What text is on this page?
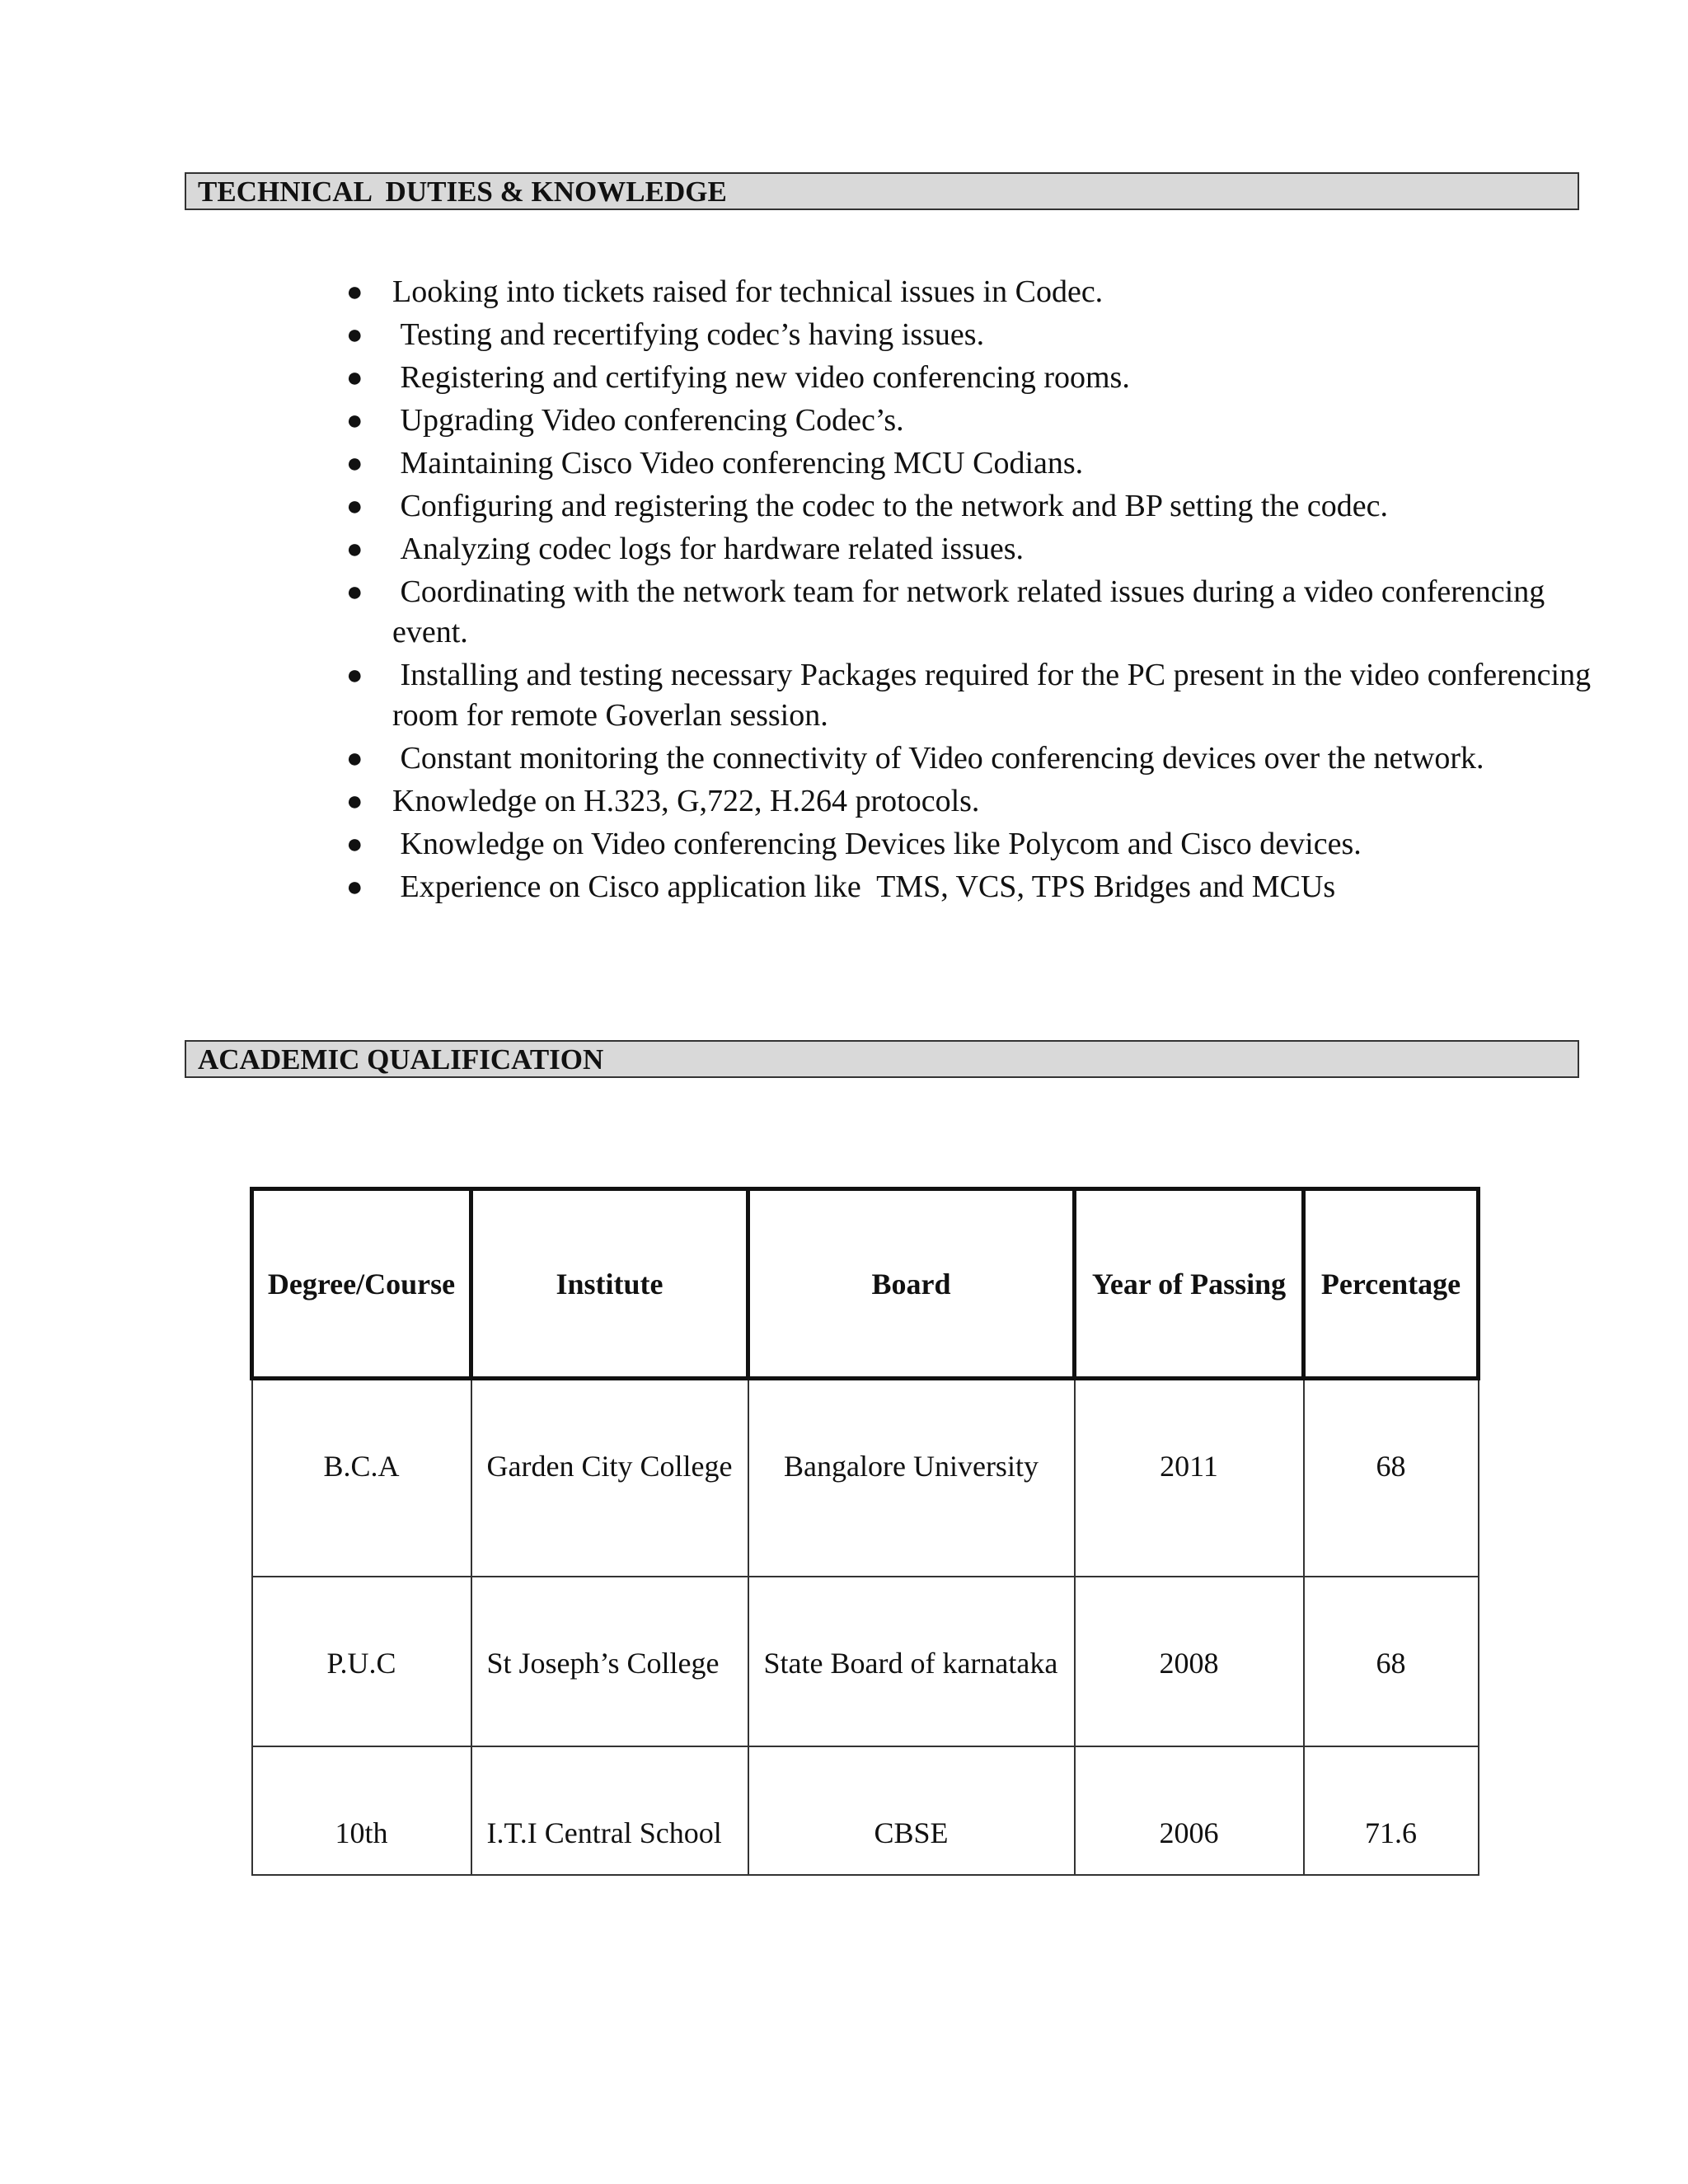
TECHNICAL  DUTIES & KNOWLEDGE
● Looking into tickets raised for technical issues in Codec.
● Testing and recertifying codec’s having issues.
● Registering and certifying new video conferencing rooms.
● Upgrading Video conferencing Codec’s.
● Maintaining Cisco Video conferencing MCU Codians.
● Configuring and registering the codec to the network and BP setting the codec.
● Analyzing codec logs for hardware related issues.
● Coordinating with the network team for network related issues during a video conferencing event.
● Installing and testing necessary Packages required for the PC present in the video conferencing room for remote Goverlan session.
● Constant monitoring the connectivity of Video conferencing devices over the network.
● Knowledge on H.323, G,722, H.264 protocols.
● Knowledge on Video conferencing Devices like Polycom and Cisco devices.
● Experience on Cisco application like  TMS, VCS, TPS Bridges and MCUs
ACADEMIC QUALIFICATION
Degree/Course	Institute	Board	Year of Passing	Percentage
B.C.A	Garden City College	Bangalore University	2011	68
P.U.C	St Joseph’s College	State Board of karnataka	2008	68
10th	I.T.I Central School	CBSE	2006	71.6
